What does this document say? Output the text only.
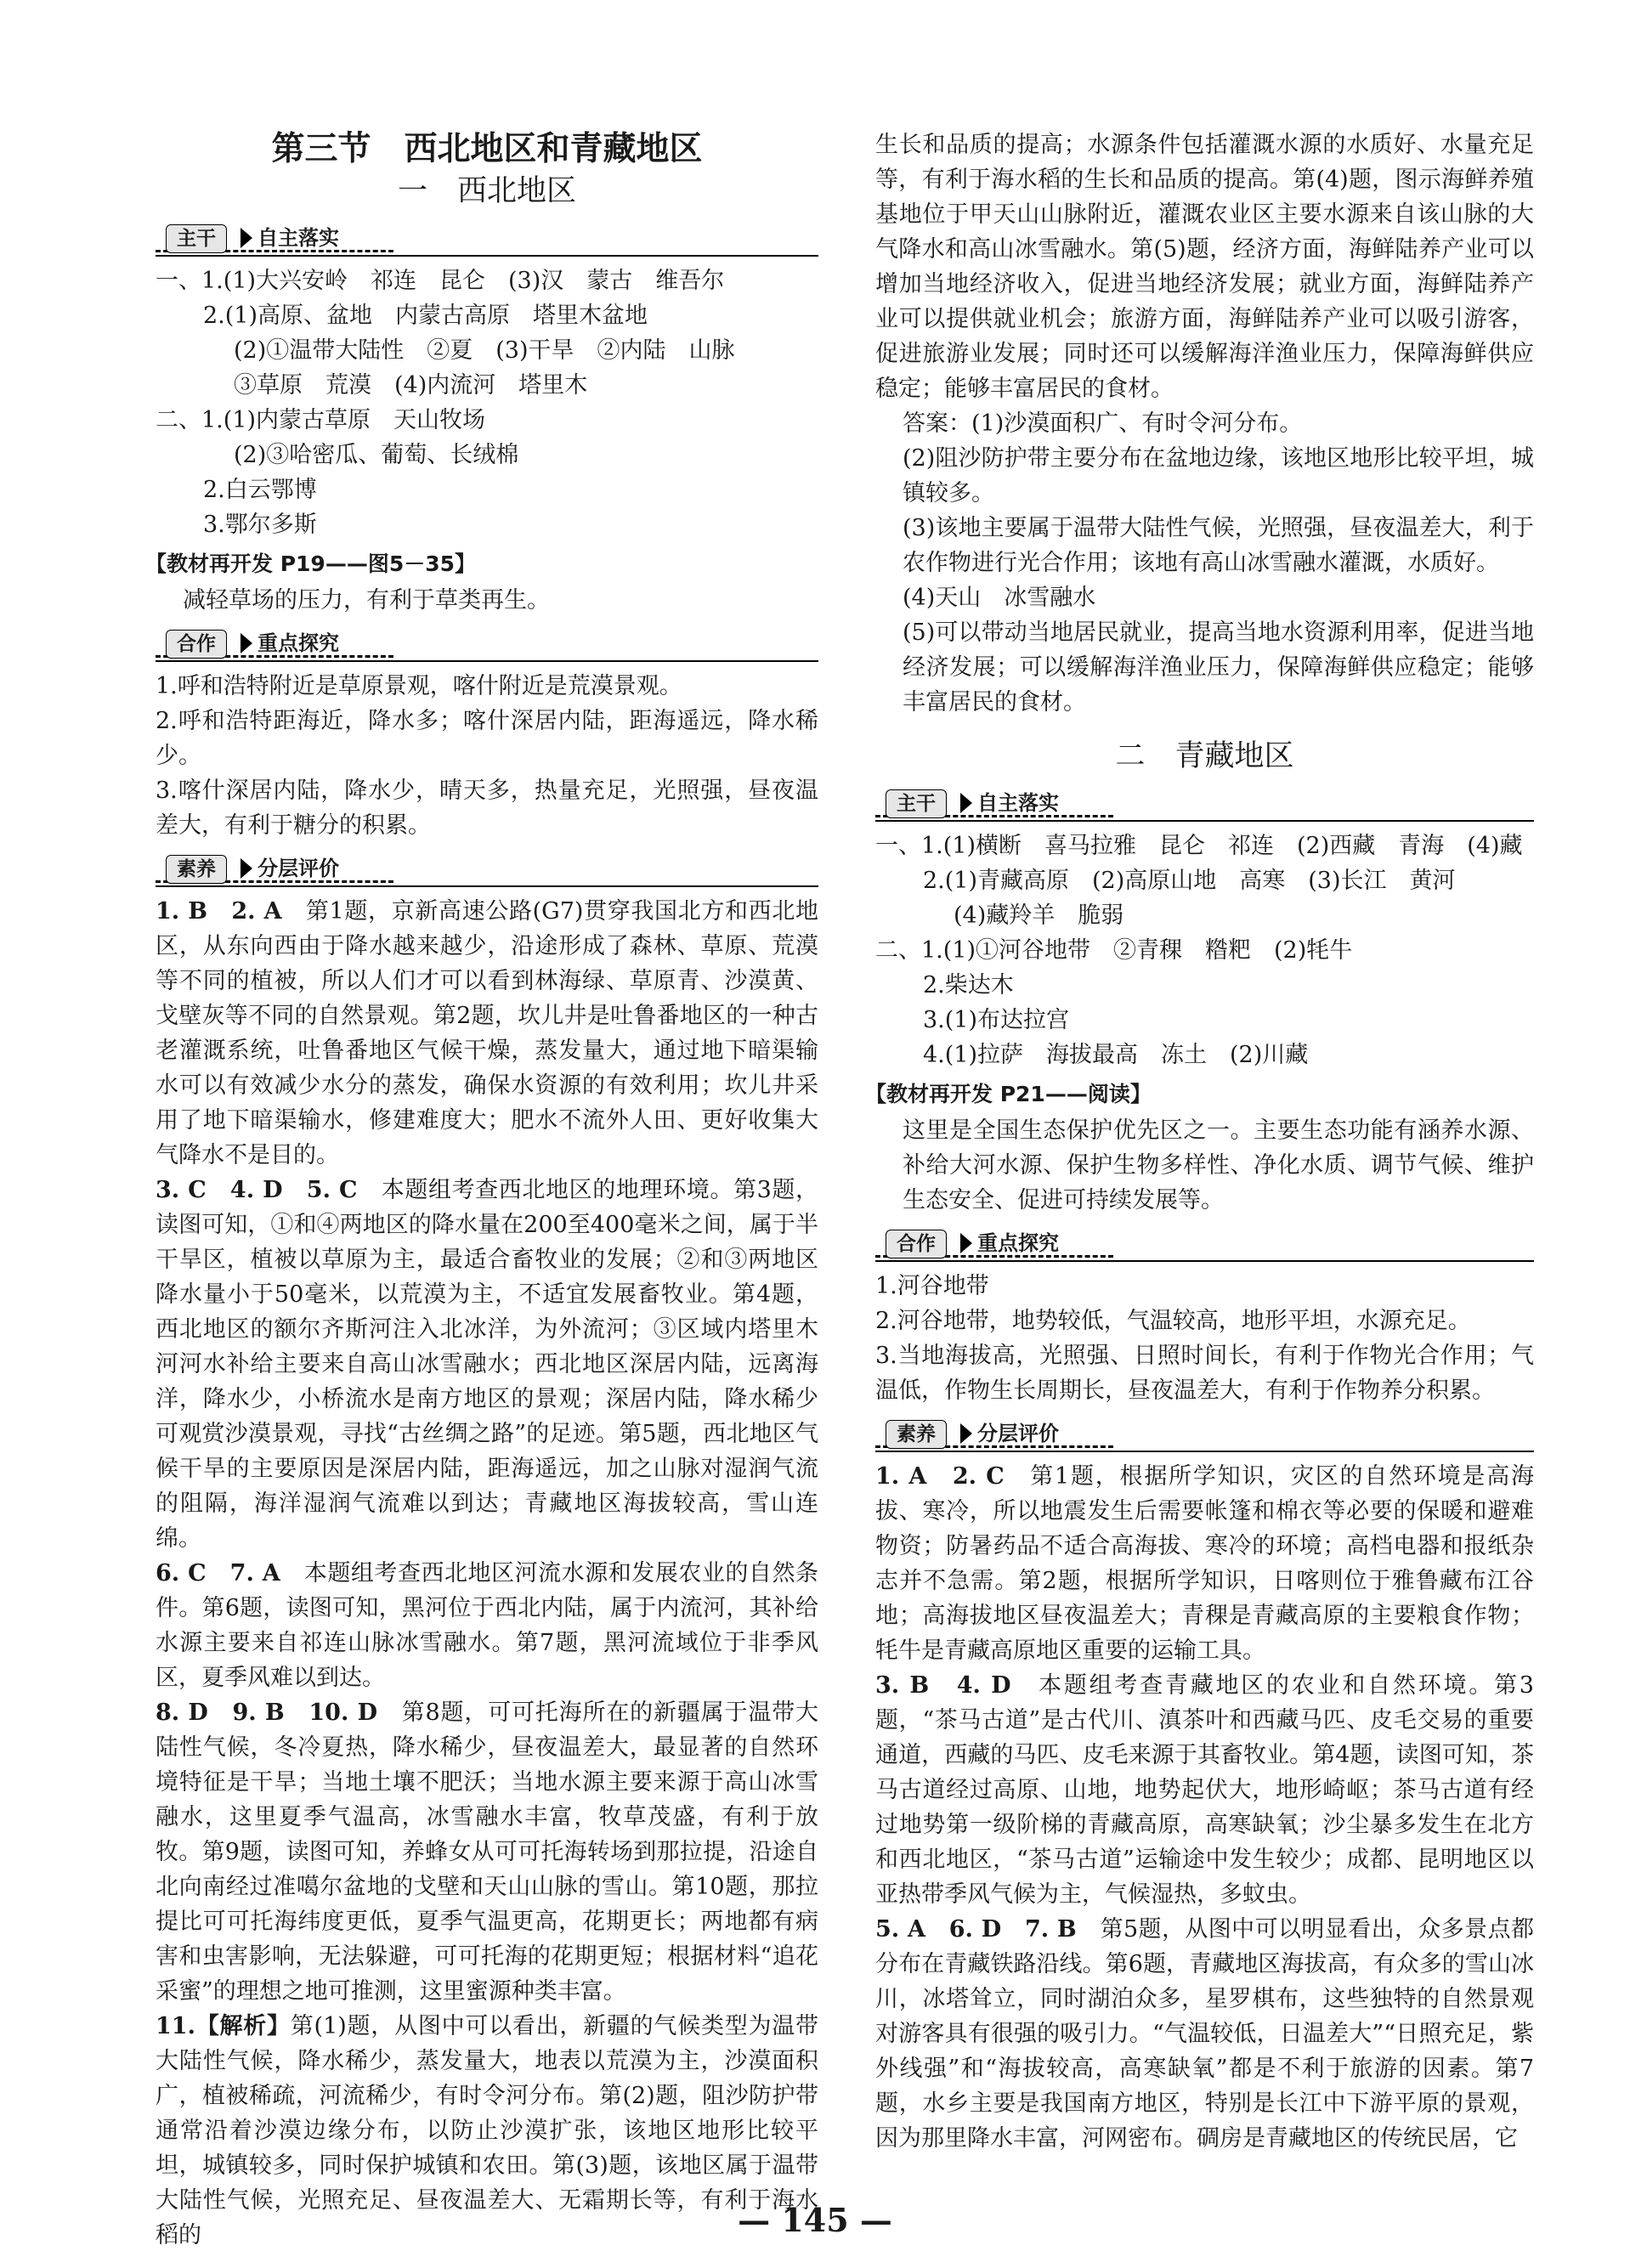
第三节　西北地区和青藏地区

一　西北地区

主干	自主落实

一、1.(1)大兴安岭　祁连　昆仑　(3)汉　蒙古　维吾尔

2.(1)高原、盆地　内蒙古高原　塔里木盆地

(2)①温带大陆性　②夏　(3)干旱　②内陆　山脉

③草原　荒漠　(4)内流河　塔里木

二、1.(1)内蒙古草原　天山牧场

(2)③哈密瓜、葡萄、长绒棉

2.白云鄂博

3.鄂尔多斯

【教材再开发 P19——图5－35】

减轻草场的压力，有利于草类再生。

合作	重点探究

1.呼和浩特附近是草原景观，喀什附近是荒漠景观。

2.呼和浩特距海近，降水多；喀什深居内陆，距海遥远，降水稀少。

3.喀什深居内陆，降水少，晴天多，热量充足，光照强，昼夜温差大，有利于糖分的积累。

素养	分层评价

1. B　2. A　第1题，京新高速公路(G7)贯穿我国北方和西北地区，从东向西由于降水越来越少，沿途形成了森林、草原、荒漠等不同的植被，所以人们才可以看到林海绿、草原青、沙漠黄、戈壁灰等不同的自然景观。第2题，坎儿井是吐鲁番地区的一种古老灌溉系统，吐鲁番地区气候干燥，蒸发量大，通过地下暗渠输水可以有效减少水分的蒸发，确保水资源的有效利用；坎儿井采用了地下暗渠输水，修建难度大；肥水不流外人田、更好收集大气降水不是目的。

3. C　4. D　5. C　本题组考查西北地区的地理环境。第3题，读图可知，①和④两地区的降水量在200至400毫米之间，属于半干旱区，植被以草原为主，最适合畜牧业的发展；②和③两地区降水量小于50毫米，以荒漠为主，不适宜发展畜牧业。第4题，西北地区的额尔齐斯河注入北冰洋，为外流河；③区域内塔里木河河水补给主要来自高山冰雪融水；西北地区深居内陆，远离海洋，降水少，小桥流水是南方地区的景观；深居内陆，降水稀少可观赏沙漠景观，寻找“古丝绸之路”的足迹。第5题，西北地区气候干旱的主要原因是深居内陆，距海遥远，加之山脉对湿润气流的阻隔，海洋湿润气流难以到达；青藏地区海拔较高，雪山连绵。

6. C　7. A　本题组考查西北地区河流水源和发展农业的自然条件。第6题，读图可知，黑河位于西北内陆，属于内流河，其补给水源主要来自祁连山脉冰雪融水。第7题，黑河流域位于非季风区，夏季风难以到达。

8. D　9. B　10. D　第8题，可可托海所在的新疆属于温带大陆性气候，冬冷夏热，降水稀少，昼夜温差大，最显著的自然环境特征是干旱；当地土壤不肥沃；当地水源主要来源于高山冰雪融水，这里夏季气温高，冰雪融水丰富，牧草茂盛，有利于放牧。第9题，读图可知，养蜂女从可可托海转场到那拉提，沿途自北向南经过准噶尔盆地的戈壁和天山山脉的雪山。第10题，那拉提比可可托海纬度更低，夏季气温更高，花期更长；两地都有病害和虫害影响，无法躲避，可可托海的花期更短；根据材料“追花采蜜”的理想之地可推测，这里蜜源种类丰富。

11.【解析】第(1)题，从图中可以看出，新疆的气候类型为温带大陆性气候，降水稀少，蒸发量大，地表以荒漠为主，沙漠面积广，植被稀疏，河流稀少，有时令河分布。第(2)题，阻沙防护带通常沿着沙漠边缘分布，以防止沙漠扩张，该地区地形比较平坦，城镇较多，同时保护城镇和农田。第(3)题，该地区属于温带大陆性气候，光照充足、昼夜温差大、无霜期长等，有利于海水稻的

生长和品质的提高；水源条件包括灌溉水源的水质好、水量充足等，有利于海水稻的生长和品质的提高。第(4)题，图示海鲜养殖基地位于甲天山山脉附近，灌溉农业区主要水源来自该山脉的大气降水和高山冰雪融水。第(5)题，经济方面，海鲜陆养产业可以增加当地经济收入，促进当地经济发展；就业方面，海鲜陆养产业可以提供就业机会；旅游方面，海鲜陆养产业可以吸引游客，促进旅游业发展；同时还可以缓解海洋渔业压力，保障海鲜供应稳定；能够丰富居民的食材。

答案：(1)沙漠面积广、有时令河分布。

(2)阻沙防护带主要分布在盆地边缘，该地区地形比较平坦，城镇较多。

(3)该地主要属于温带大陆性气候，光照强，昼夜温差大，利于农作物进行光合作用；该地有高山冰雪融水灌溉，水质好。

(4)天山　冰雪融水

(5)可以带动当地居民就业，提高当地水资源利用率，促进当地经济发展；可以缓解海洋渔业压力，保障海鲜供应稳定；能够丰富居民的食材。

二　青藏地区

主干	自主落实

一、1.(1)横断　喜马拉雅　昆仑　祁连　(2)西藏　青海　(4)藏

2.(1)青藏高原　(2)高原山地　高寒　(3)长江　黄河

(4)藏羚羊　脆弱

二、1.(1)①河谷地带　②青稞　糌粑　(2)牦牛

2.柴达木

3.(1)布达拉宫

4.(1)拉萨　海拔最高　冻土　(2)川藏

【教材再开发 P21——阅读】

这里是全国生态保护优先区之一。主要生态功能有涵养水源、补给大河水源、保护生物多样性、净化水质、调节气候、维护生态安全、促进可持续发展等。

合作	重点探究

1.河谷地带

2.河谷地带，地势较低，气温较高，地形平坦，水源充足。

3.当地海拔高，光照强、日照时间长，有利于作物光合作用；气温低，作物生长周期长，昼夜温差大，有利于作物养分积累。

素养	分层评价

1. A　2. C　第1题，根据所学知识，灾区的自然环境是高海拔、寒冷，所以地震发生后需要帐篷和棉衣等必要的保暖和避难物资；防暑药品不适合高海拔、寒冷的环境；高档电器和报纸杂志并不急需。第2题，根据所学知识，日喀则位于雅鲁藏布江谷地；高海拔地区昼夜温差大；青稞是青藏高原的主要粮食作物；牦牛是青藏高原地区重要的运输工具。

3. B　4. D　本题组考查青藏地区的农业和自然环境。第3题，“茶马古道”是古代川、滇茶叶和西藏马匹、皮毛交易的重要通道，西藏的马匹、皮毛来源于其畜牧业。第4题，读图可知，茶马古道经过高原、山地，地势起伏大，地形崎岖；茶马古道有经过地势第一级阶梯的青藏高原，高寒缺氧；沙尘暴多发生在北方和西北地区，“茶马古道”运输途中发生较少；成都、昆明地区以亚热带季风气候为主，气候湿热，多蚊虫。

5. A　6. D　7. B　第5题，从图中可以明显看出，众多景点都分布在青藏铁路沿线。第6题，青藏地区海拔高，有众多的雪山冰川，冰塔耸立，同时湖泊众多，星罗棋布，这些独特的自然景观对游客具有很强的吸引力。“气温较低，日温差大”“日照充足，紫外线强”和“海拔较高，高寒缺氧”都是不利于旅游的因素。第7题，水乡主要是我国南方地区，特别是长江中下游平原的景观，因为那里降水丰富，河网密布。碉房是青藏地区的传统民居，它

— 145 —
